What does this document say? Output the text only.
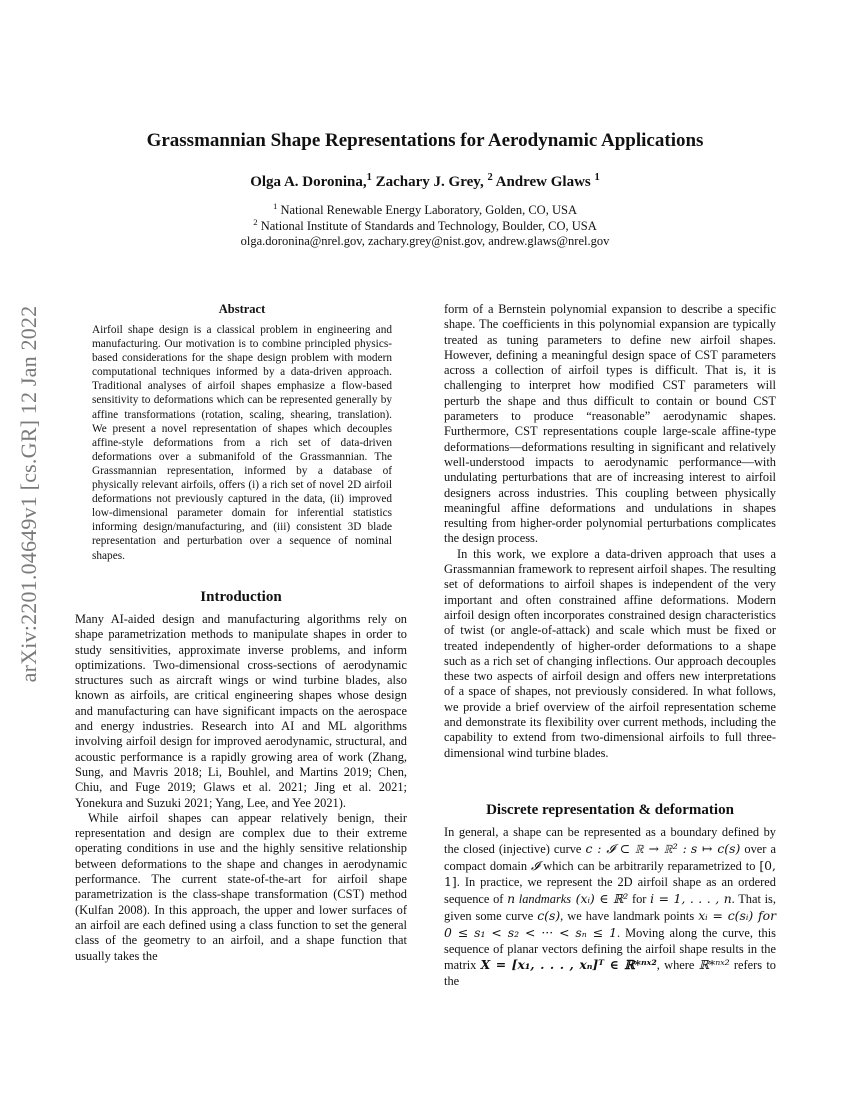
arXiv:2201.04649v1 [cs.GR] 12 Jan 2022
Grassmannian Shape Representations for Aerodynamic Applications
Olga A. Doronina,$^1$ Zachary J. Grey, $^2$ Andrew Glaws $^1$
$^1$ National Renewable Energy Laboratory, Golden, CO, USA
$^2$ National Institute of Standards and Technology, Boulder, CO, USA
olga.doronina@nrel.gov, zachary.grey@nist.gov, andrew.glaws@nrel.gov
Abstract
Airfoil shape design is a classical problem in engineering and manufacturing. Our motivation is to combine principled physics-based considerations for the shape design problem with modern computational techniques informed by a data-driven approach. Traditional analyses of airfoil shapes emphasize a flow-based sensitivity to deformations which can be represented generally by affine transformations (rotation, scaling, shearing, translation). We present a novel representation of shapes which decouples affine-style deformations from a rich set of data-driven deformations over a submanifold of the Grassmannian. The Grassmannian representation, informed by a database of physically relevant airfoils, offers (i) a rich set of novel 2D airfoil deformations not previously captured in the data, (ii) improved low-dimensional parameter domain for inferential statistics informing design/manufacturing, and (iii) consistent 3D blade representation and perturbation over a sequence of nominal shapes.
Introduction

Many AI-aided design and manufacturing algorithms rely on shape parametrization methods to manipulate shapes in order to study sensitivities, approximate inverse problems, and inform optimizations. Two-dimensional cross-sections of aerodynamic structures such as aircraft wings or wind turbine blades, also known as airfoils, are critical engineering shapes whose design and manufacturing can have significant impacts on the aerospace and energy industries. Research into AI and ML algorithms involving airfoil design for improved aerodynamic, structural, and acoustic performance is a rapidly growing area of work (Zhang, Sung, and Mavris 2018; Li, Bouhlel, and Martins 2019; Chen, Chiu, and Fuge 2019; Glaws et al. 2021; Jing et al. 2021; Yonekura and Suzuki 2021; Yang, Lee, and Yee 2021).

While airfoil shapes can appear relatively benign, their representation and design are complex due to their extreme operating conditions in use and the highly sensitive relationship between deformations to the shape and changes in aerodynamic performance. The current state-of-the-art for airfoil shape parametrization is the class-shape transformation (CST) method (Kulfan 2008). In this approach, the upper and lower surfaces of an airfoil are each defined using a class function to set the general class of the geometry to an airfoil, and a shape function that usually takes the

form of a Bernstein polynomial expansion to describe a specific shape. The coefficients in this polynomial expansion are typically treated as tuning parameters to define new airfoil shapes. However, defining a meaningful design space of CST parameters across a collection of airfoil types is difficult. That is, it is challenging to interpret how modified CST parameters will perturb the shape and thus difficult to contain or bound CST parameters to produce “reasonable” aerodynamic shapes. Furthermore, CST representations couple large-scale affine-type deformations—deformations resulting in significant and relatively well-understood impacts to aerodynamic performance—with undulating perturbations that are of increasing interest to airfoil designers across industries. This coupling between physically meaningful affine deformations and undulations in shapes resulting from higher-order polynomial perturbations complicates the design process.

In this work, we explore a data-driven approach that uses a Grassmannian framework to represent airfoil shapes. The resulting set of deformations to airfoil shapes is independent of the very important and often constrained affine deformations. Modern airfoil design often incorporates constrained design characteristics of twist (or angle-of-attack) and scale which must be fixed or treated independently of higher-order deformations to a shape such as a rich set of changing inflections. Our approach decouples these two aspects of airfoil design and offers new interpretations of a space of shapes, not previously considered. In what follows, we provide a brief overview of the airfoil representation scheme and demonstrate its flexibility over current methods, including the capability to extend from two-dimensional airfoils to full three-dimensional wind turbine blades.

Discrete representation & deformation

In general, a shape can be represented as a boundary defined by the closed (injective) curve c : 𝓘 ⊂ ℝ → ℝ² : s ↦ c(s) over a compact domain 𝓘 which can be arbitrarily reparametrized to [0, 1]. In practice, we represent the 2D airfoil shape as an ordered sequence of n landmarks (xᵢ) ∈ ℝ² for i = 1, . . . , n. That is, given some curve c(s), we have landmark points xᵢ = c(sᵢ) for 0 ≤ s₁ < s₂ < ··· < sₙ ≤ 1. Moving along the curve, this sequence of planar vectors defining the airfoil shape results in the matrix X = [x₁, . . . , xₙ]ᵀ ∈ ℝ*ⁿˣ², where ℝ*ⁿˣ² refers to the
